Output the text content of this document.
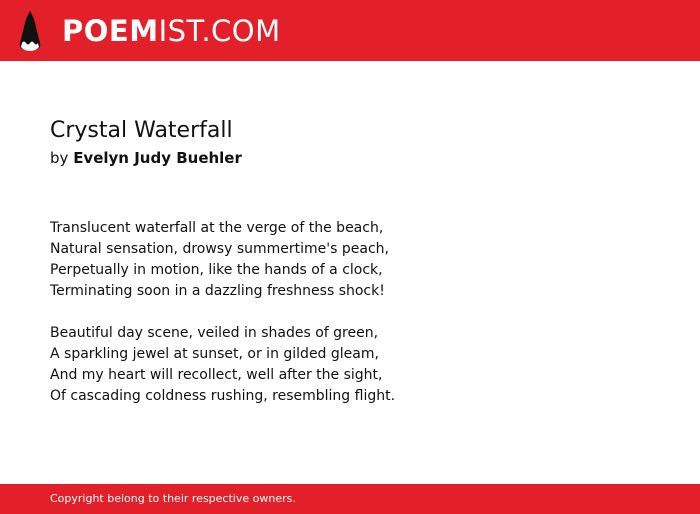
POEMIST.COM
Crystal Waterfall
by Evelyn Judy Buehler
Translucent waterfall at the verge of the beach,
Natural sensation, drowsy summertime's peach,
Perpetually in motion, like the hands of a clock,
Terminating soon in a dazzling freshness shock!
Beautiful day scene, veiled in shades of green,
A sparkling jewel at sunset, or in gilded gleam,
And my heart will recollect, well after the sight,
Of cascading coldness rushing, resembling flight.
Copyright belong to their respective owners.
